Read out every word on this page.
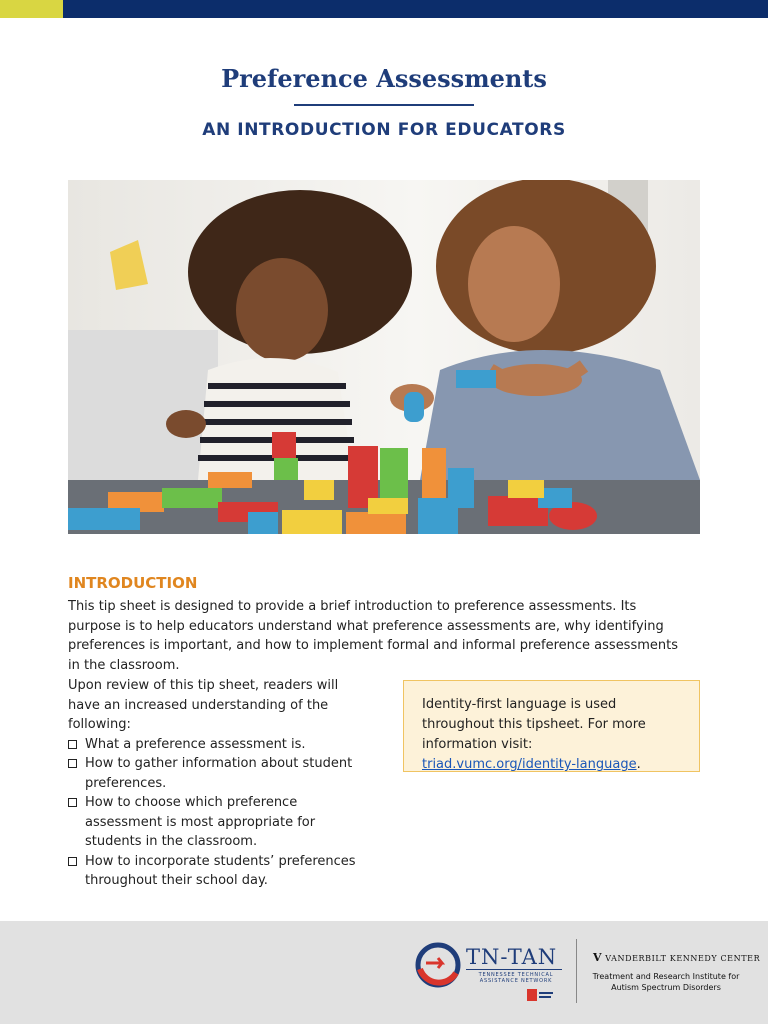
Preference Assessments
AN INTRODUCTION FOR EDUCATORS
INTRODUCTION

This tip sheet is designed to provide a brief introduction to preference assessments. Its purpose is to help educators understand what preference assessments are, why identifying preferences is important, and how to implement formal and informal preference assessments in the classroom.

Upon review of this tip sheet, readers will have an increased understanding of the following:

What a preference assessment is.
How to gather information about student preferences.
How to choose which preference assessment is most appropriate for students in the classroom.
How to incorporate students’ preferences throughout their school day.
Identity-first language is used throughout this tipsheet. For more information visit: triad.vumc.org/identity-language.
TN-TAN
TENNESSEE TECHNICAL ASSISTANCE NETWORK
V VANDERBILT KENNEDY CENTER
Treatment and Research Institute for
Autism Spectrum Disorders
